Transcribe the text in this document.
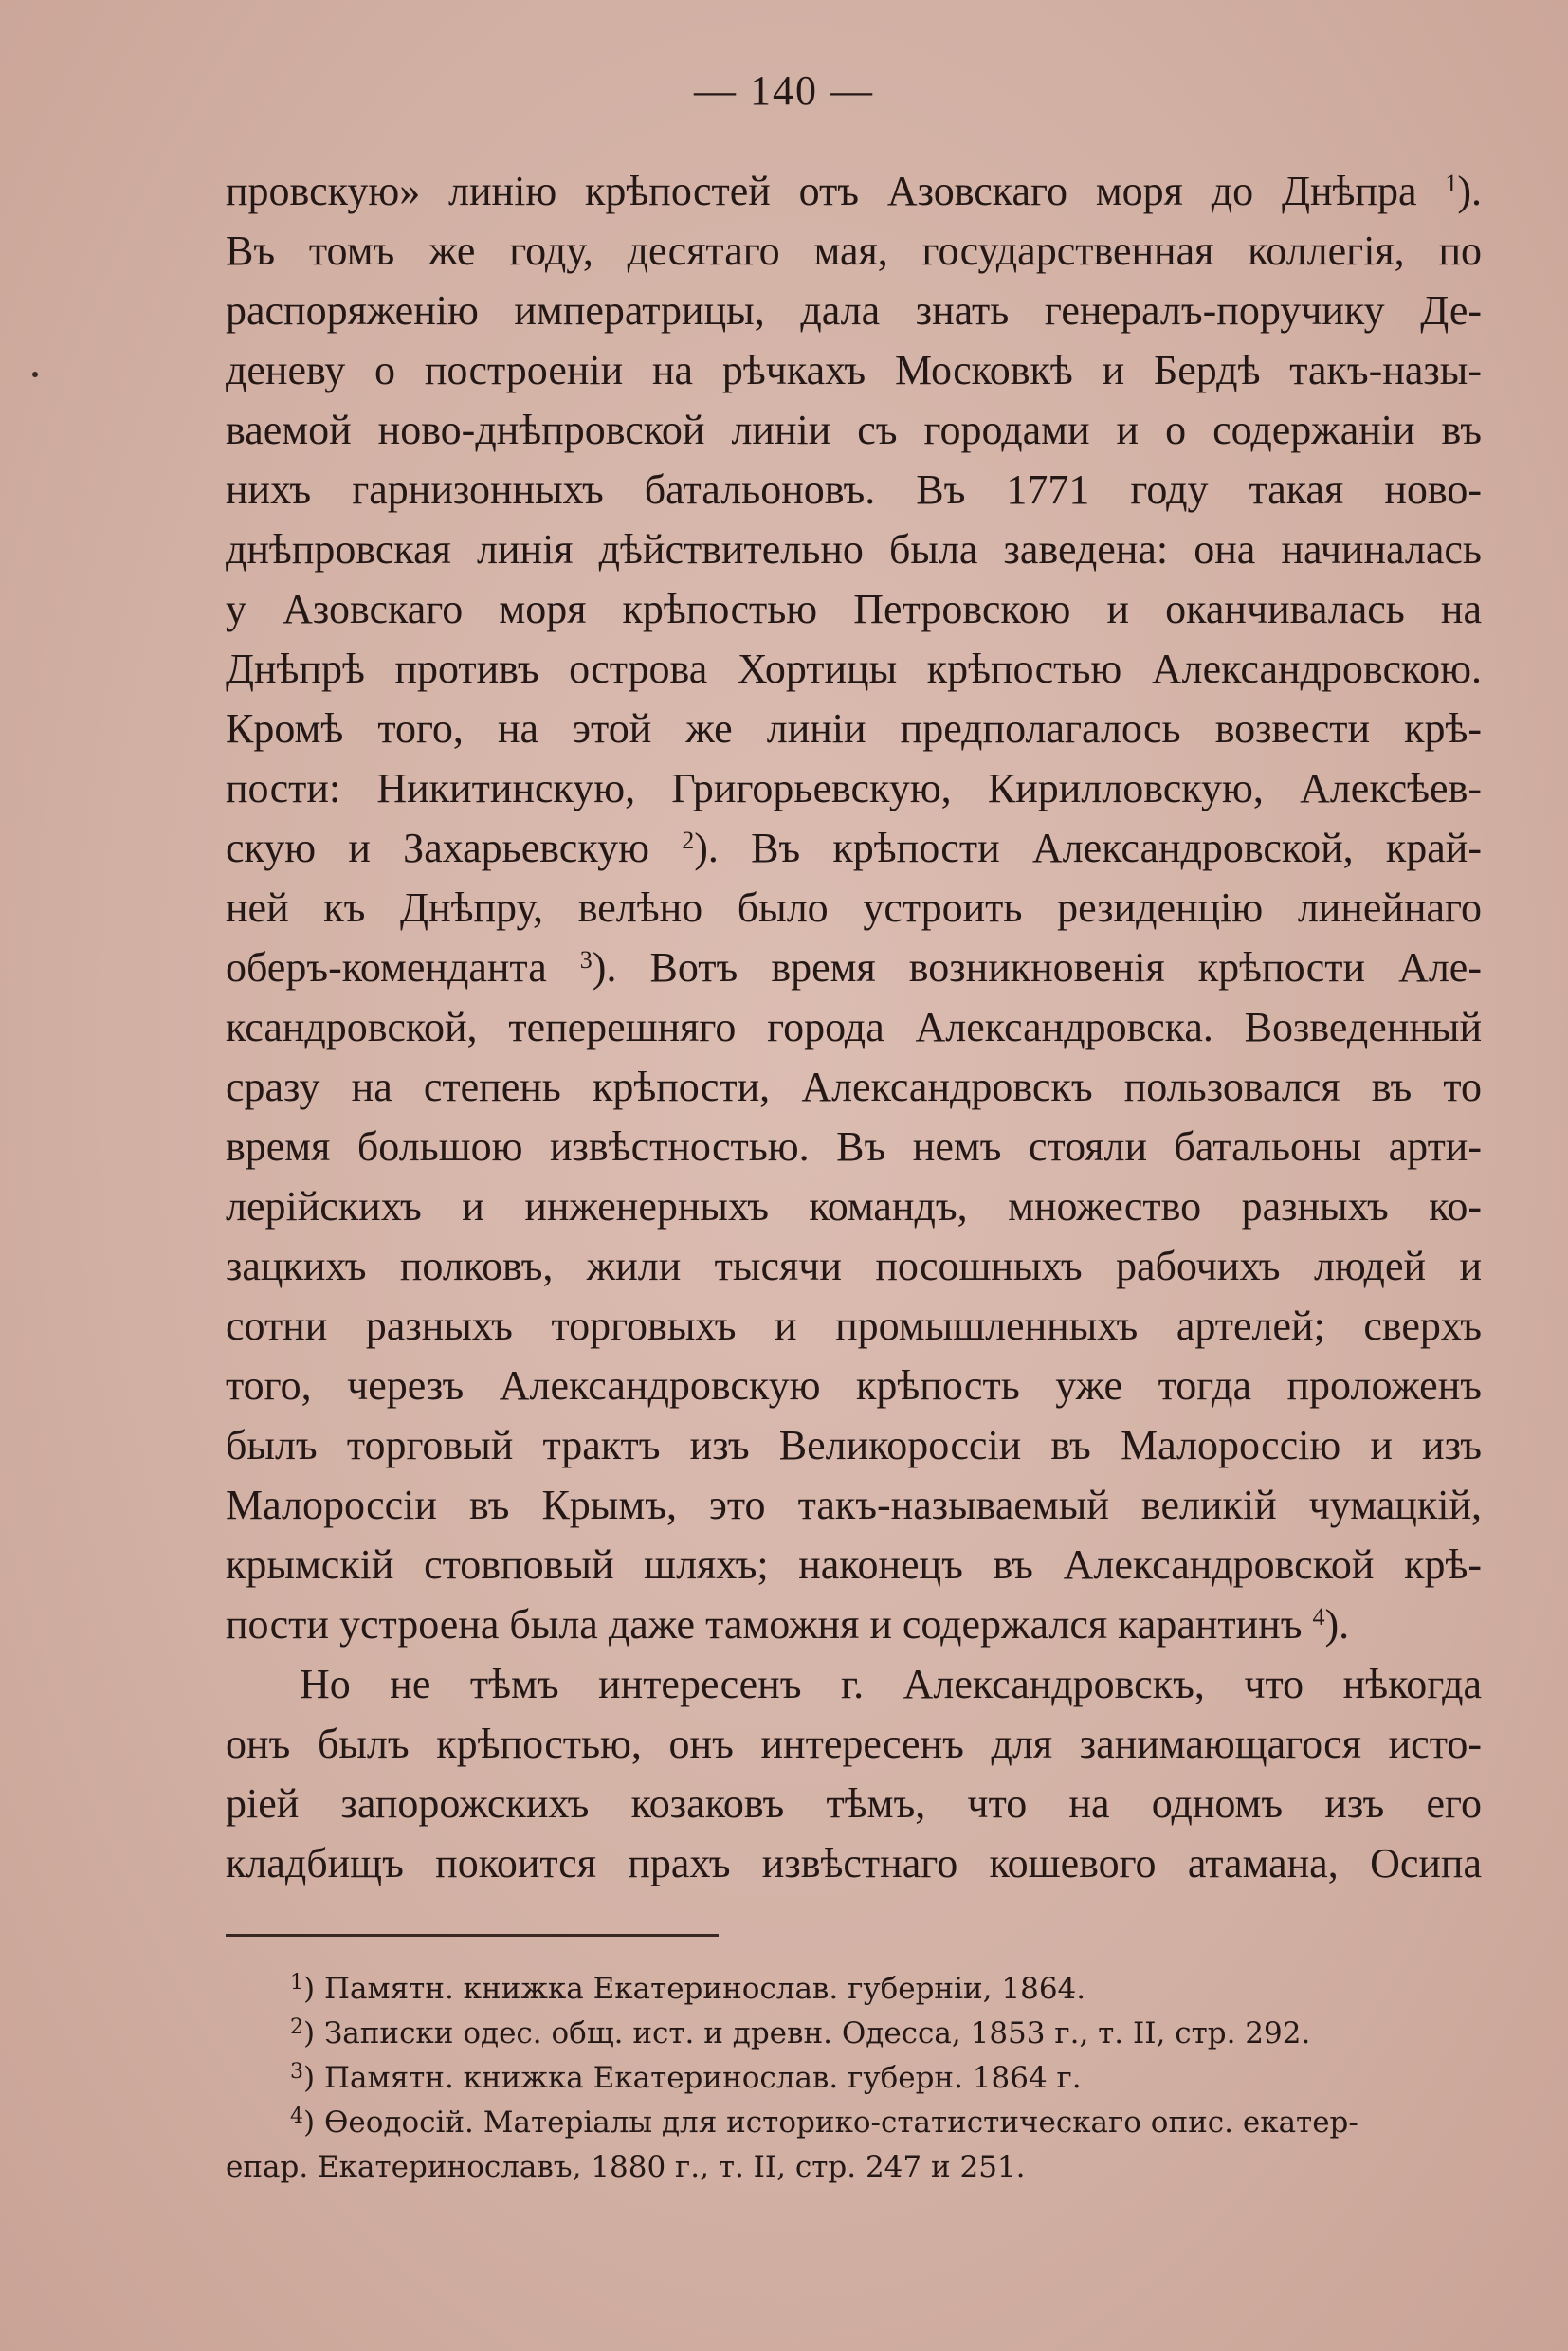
— 140 —
провскую» линію крѣпостей отъ Азовскаго моря до Днѣпра $^1$).
Въ томъ же году, десятаго мая, государственная коллегія, по
распоряженію императрицы, дала знать генералъ-поручику Де-
деневу о построеніи на рѣчкахъ Московкѣ и Бердѣ такъ-назы-
ваемой ново-днѣпровской линіи съ городами и о содержаніи въ
нихъ гарнизонныхъ батальоновъ. Въ 1771 году такая ново-
днѣпровская линія дѣйствительно была заведена: она начиналась
у Азовскаго моря крѣпостью Петровскою и оканчивалась на
Днѣпрѣ противъ острова Хортицы крѣпостью Александровскою.
Кромѣ того, на этой же линіи предполагалось возвести крѣ-
пости: Никитинскую, Григорьевскую, Кирилловскую, Алексѣев-
скую и Захарьевскую $^2$). Въ крѣпости Александровской, край-
ней къ Днѣпру, велѣно было устроить резиденцію линейнаго
оберъ-коменданта $^3$). Вотъ время возникновенія крѣпости Але-
ксандровской, теперешняго города Александровска. Возведенный
сразу на степень крѣпости, Александровскъ пользовался въ то
время большою извѣстностью. Въ немъ стояли батальоны арти-
лерійскихъ и инженерныхъ командъ, множество разныхъ ко-
зацкихъ полковъ, жили тысячи посошныхъ рабочихъ людей и
сотни разныхъ торговыхъ и промышленныхъ артелей; сверхъ
того, черезъ Александровскую крѣпость уже тогда проложенъ
былъ торговый трактъ изъ Великороссіи въ Малороссію и изъ
Малороссіи въ Крымъ, это такъ-называемый великій чумацкій,
крымскій стовповый шляхъ; наконецъ въ Александровской крѣ-
пости устроена была даже таможня и содержался карантинъ $^4$).
Но не тѣмъ интересенъ г. Александровскъ, что нѣкогда
онъ былъ крѣпостью, онъ интересенъ для занимающагося исто-
ріей запорожскихъ козаковъ тѣмъ, что на одномъ изъ его
кладбищъ покоится прахъ извѣстнаго кошевого атамана, Осипа
$^1$) Памятн. книжка Екатеринослав. губерніи, 1864.
$^2$) Записки одес. общ. ист. и древн. Одесса, 1853 г., т. II, стр. 292.
$^3$) Памятн. книжка Екатеринослав. губерн. 1864 г.
$^4$) Ѳеодосій. Матеріалы для историко-статистическаго опис. екатер-
епар. Екатеринославъ, 1880 г., т. II, стр. 247 и 251.
